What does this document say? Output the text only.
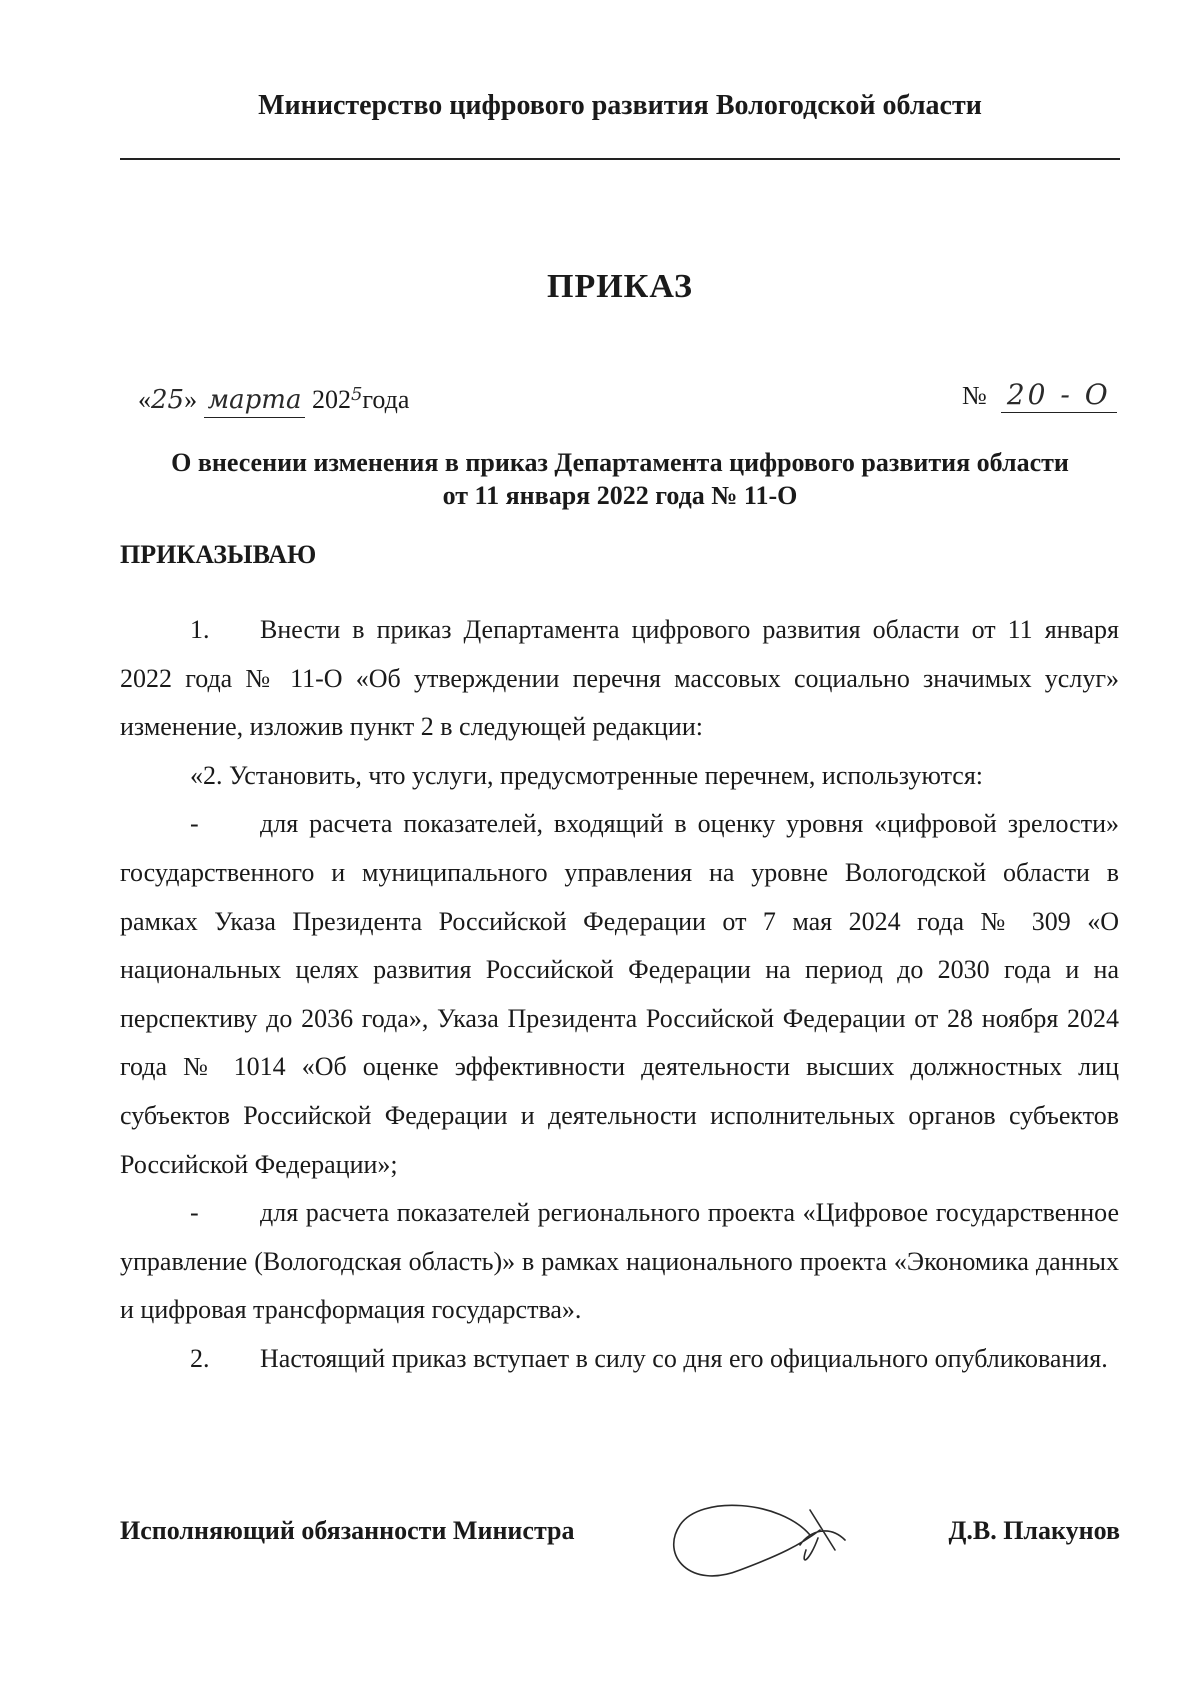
Министерство цифрового развития Вологодской области
ПРИКАЗ
«25» марта $202^5года$	№ 20 - О
О внесении изменения в приказ Департамента цифрового развития области
от 11 января 2022 года № 11-О
ПРИКАЗЫВАЮ

1. Внести в приказ Департамента цифрового развития области от 11 января 2022 года № 11-О «Об утверждении перечня массовых социально значимых услуг» изменение, изложив пункт 2 в следующей редакции:

«2. Установить, что услуги, предусмотренные перечнем, используются:

- для расчета показателей, входящий в оценку уровня «цифровой зрелости» государственного и муниципального управления на уровне Вологодской области в рамках Указа Президента Российской Федерации от 7 мая 2024 года № 309 «О национальных целях развития Российской Федерации на период до 2030 года и на перспективу до 2036 года», Указа Президента Российской Федерации от 28 ноября 2024 года № 1014 «Об оценке эффективности деятельности высших должностных лиц субъектов Российской Федерации и деятельности исполнительных органов субъектов Российской Федерации»;

- для расчета показателей регионального проекта «Цифровое государственное управление (Вологодская область)» в рамках национального проекта «Экономика данных и цифровая трансформация государства».

2. Настоящий приказ вступает в силу со дня его официального опубликования.

Исполняющий обязанности Министра	Д.В. Плакунов
